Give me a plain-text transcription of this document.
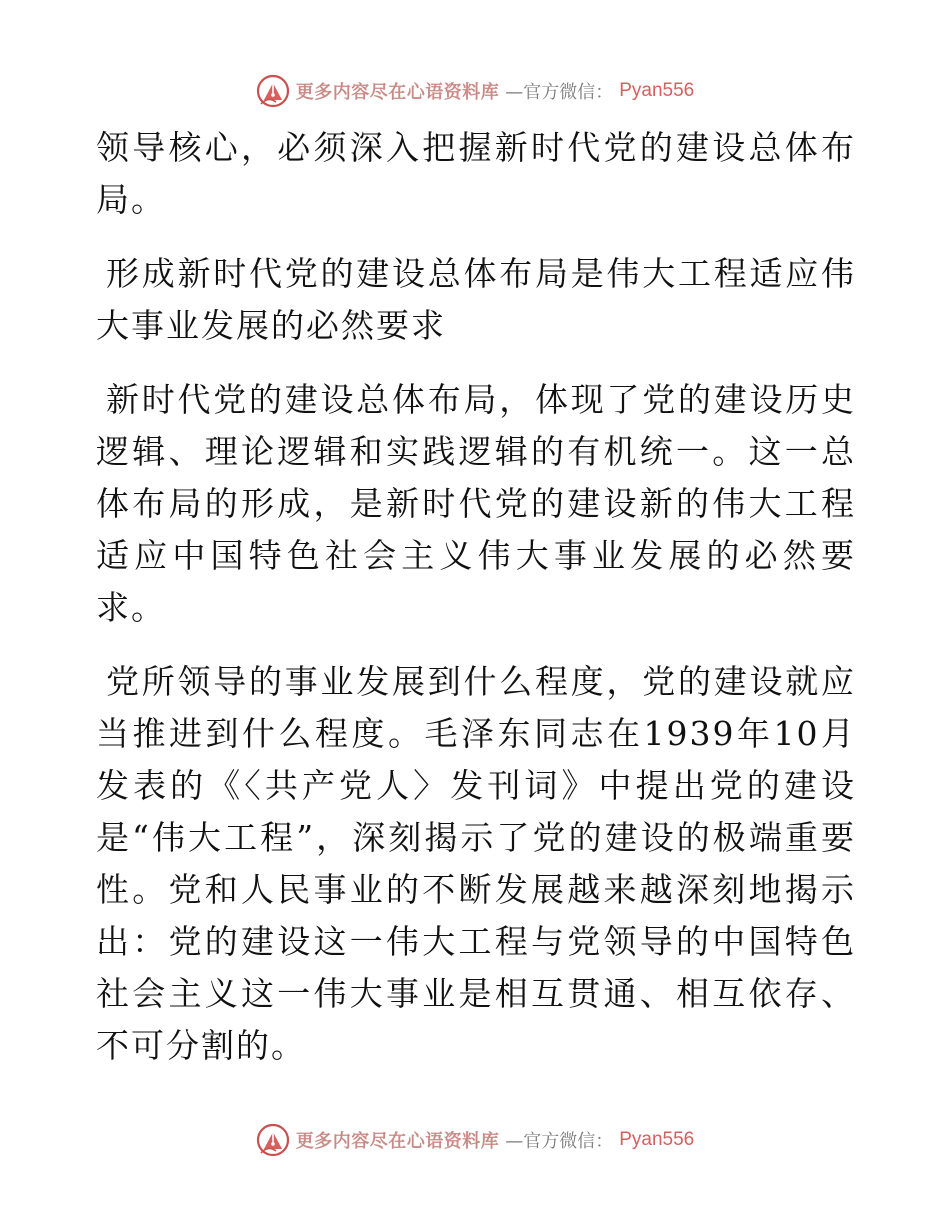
更多内容尽在心语资料库 —官方微信： Pyan556

领导核心，必须深入把握新时代党的建设总体布局。

形成新时代党的建设总体布局是伟大工程适应伟大事业发展的必然要求

新时代党的建设总体布局，体现了党的建设历史逻辑、理论逻辑和实践逻辑的有机统一。这一总体布局的形成，是新时代党的建设新的伟大工程适应中国特色社会主义伟大事业发展的必然要求。

党所领导的事业发展到什么程度，党的建设就应当推进到什么程度。毛泽东同志在1939年10月发表的《〈共产党人〉发刊词》中提出党的建设是“伟大工程”，深刻揭示了党的建设的极端重要性。党和人民事业的不断发展越来越深刻地揭示出：党的建设这一伟大工程与党领导的中国特色社会主义这一伟大事业是相互贯通、相互依存、不可分割的。

更多内容尽在心语资料库 —官方微信： Pyan556
